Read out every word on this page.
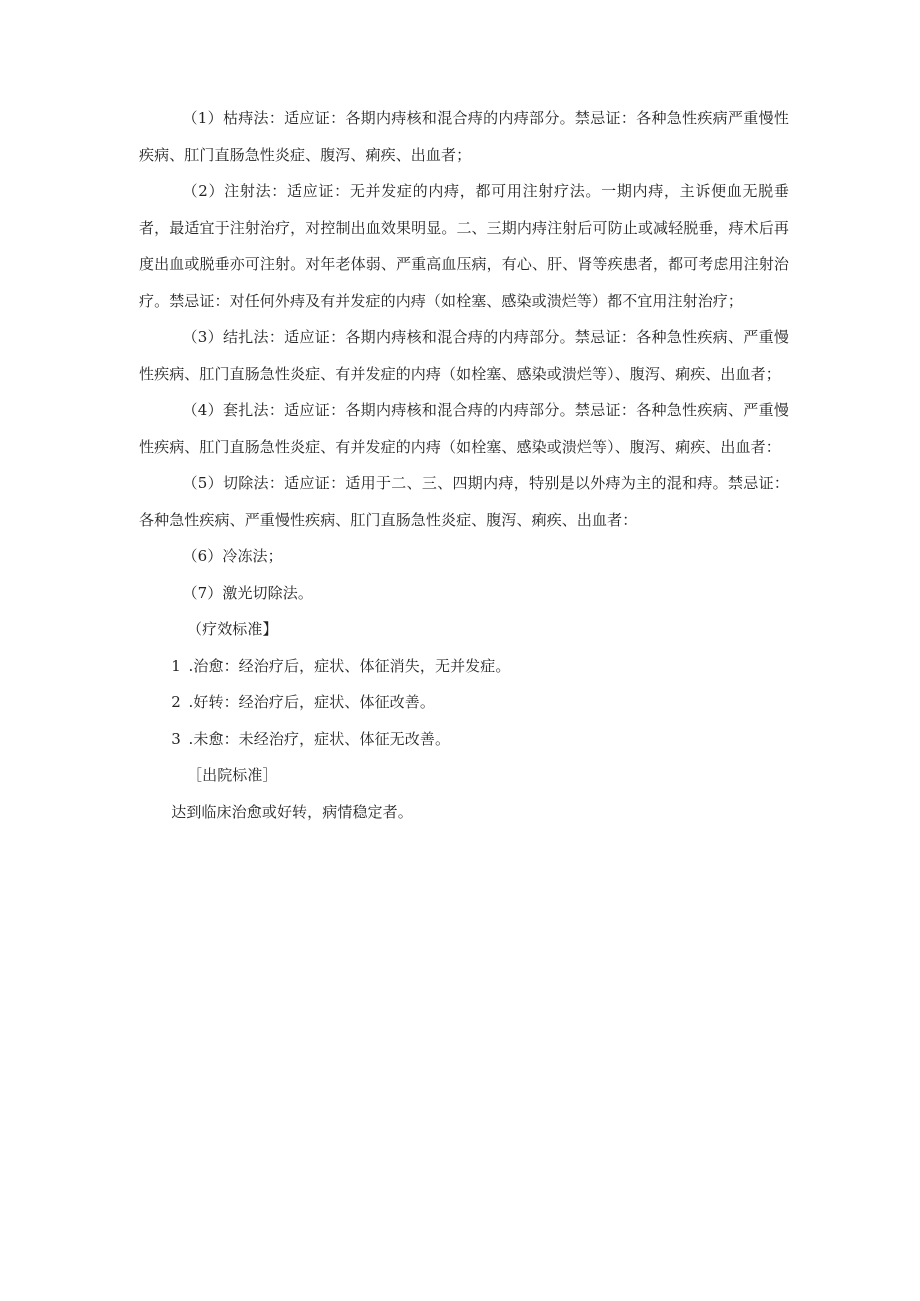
（1）枯痔法：适应证：各期内痔核和混合痔的内痔部分。禁忌证：各种急性疾病严重慢性疾病、肛门直肠急性炎症、腹泻、痢疾、出血者；

（2）注射法：适应证：无并发症的内痔，都可用注射疗法。一期内痔，主诉便血无脱垂者，最适宜于注射治疗，对控制出血效果明显。二、三期内痔注射后可防止或减轻脱垂，痔术后再度出血或脱垂亦可注射。对年老体弱、严重高血压病，有心、肝、肾等疾患者，都可考虑用注射治疗。禁忌证：对任何外痔及有并发症的内痔（如栓塞、感染或溃烂等）都不宜用注射治疗；

（3）结扎法：适应证：各期内痔核和混合痔的内痔部分。禁忌证：各种急性疾病、严重慢性疾病、肛门直肠急性炎症、有并发症的内痔（如栓塞、感染或溃烂等）、腹泻、痢疾、出血者；

（4）套扎法：适应证：各期内痔核和混合痔的内痔部分。禁忌证：各种急性疾病、严重慢性疾病、肛门直肠急性炎症、有并发症的内痔（如栓塞、感染或溃烂等）、腹泻、痢疾、出血者：

（5）切除法：适应证：适用于二、三、四期内痔，特别是以外痔为主的混和痔。禁忌证：各种急性疾病、严重慢性疾病、肛门直肠急性炎症、腹泻、痢疾、出血者：

（6）冷冻法；

（7）激光切除法。

（疗效标准】

1 .治愈：经治疗后，症状、体征消失，无并发症。

2 .好转：经治疗后，症状、体征改善。

3 .未愈：未经治疗，症状、体征无改善。

［出院标准］

达到临床治愈或好转，病情稳定者。
